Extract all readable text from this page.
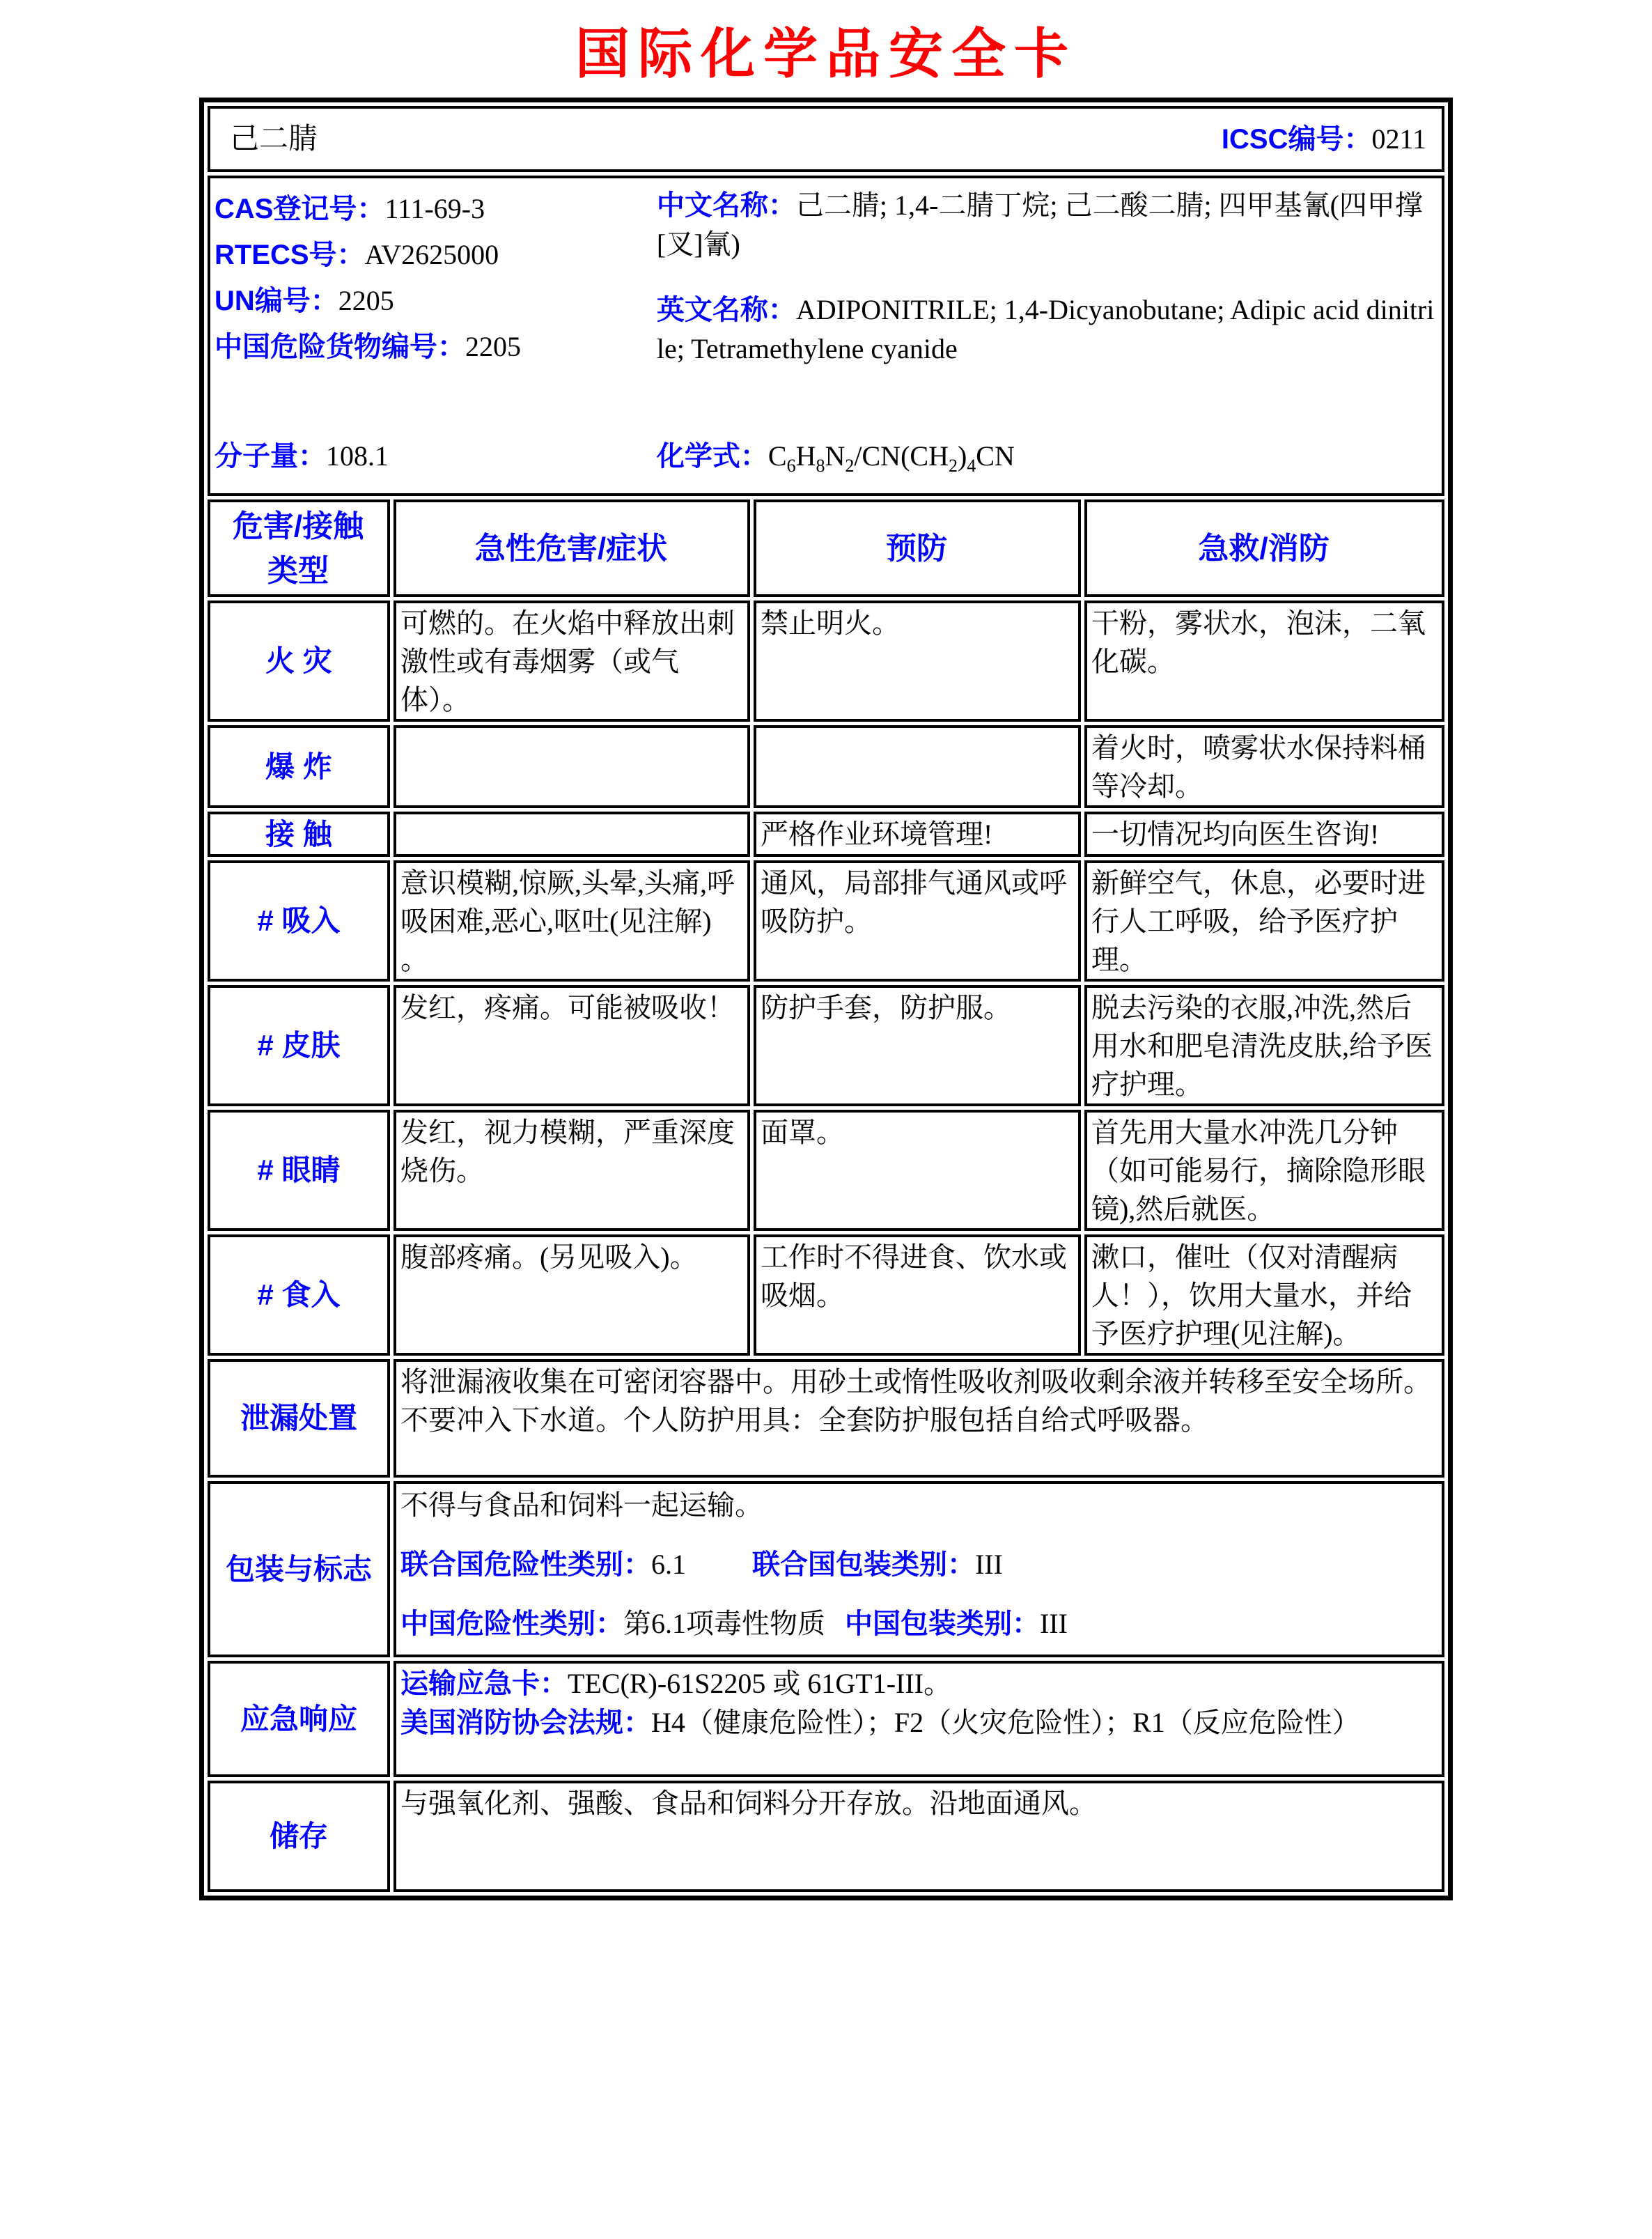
国际化学品安全卡
己二腈 ICSC编号：0211			

CAS登记号：111-69-3
RTECS号：AV2625000
UN编号：2205
中国危险货物编号：2205

中文名称：己二腈; 1,4-二腈丁烷; 己二酸二腈; 四甲基氰(四甲撑[叉]氰)

英文名称：ADIPONITRILE; 1,4-Dicyanobutane; Adipic acid dinitrile; Tetramethylene cyanide

分子量：108.1	化学式：$C_6H_8N_2/CN(CH_2)_4CN$

危害/接触
类型	急性危害/症状	预防	急救/消防
火 灾	可燃的。在火焰中释放出刺激性或有毒烟雾（或气体）。	禁止明火。	干粉，雾状水，泡沫，二氧化碳。
爆 炸			着火时，喷雾状水保持料桶等冷却。
接 触		严格作业环境管理!	一切情况均向医生咨询!
# 吸入	意识模糊,惊厥,头晕,头痛,呼吸困难,恶心,呕吐(见注解) 。	通风，局部排气通风或呼吸防护。	新鲜空气，休息，必要时进行人工呼吸，给予医疗护理。
# 皮肤	发红，疼痛。可能被吸收！	防护手套，防护服。	脱去污染的衣服,冲洗,然后用水和肥皂清洗皮肤,给予医疗护理。
# 眼睛	发红，视力模糊，严重深度烧伤。	面罩。	首先用大量水冲洗几分钟（如可能易行，摘除隐形眼镜),然后就医。
# 食入	腹部疼痛。(另见吸入)。	工作时不得进食、饮水或吸烟。	漱口，催吐（仅对清醒病人！），饮用大量水，并给予医疗护理(见注解)。
泄漏处置	将泄漏液收集在可密闭容器中。用砂土或惰性吸收剂吸收剩余液并转移至安全场所。不要冲入下水道。个人防护用具：全套防护服包括自给式呼吸器。		
包装与标志	不得与食品和饲料一起运输。

联合国危险性类别：6.1 联合国包装类别：III

中国危险性类别：第6.1项毒性物质 中国包装类别：III		

应急响应	运输应急卡：TEC(R)-61S2205 或 61GT1-III。

美国消防协会法规：H4（健康危险性）；F2（火灾危险性）；R1（反应危险性）		

储存	与强氧化剂、强酸、食品和饲料分开存放。沿地面通风。		
